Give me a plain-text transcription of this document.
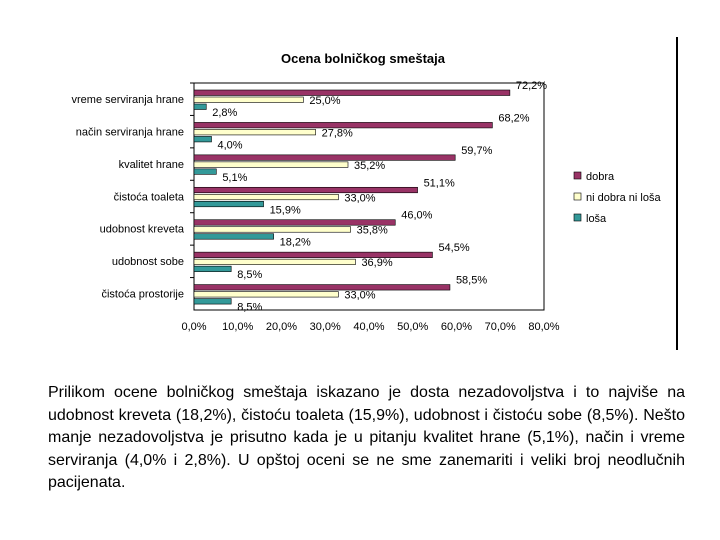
Ocena bolničkog smeštaja
vreme serviranja hrane
72,2%
25,0%
2,8%
način serviranja hrane
68,2%
27,8%
4,0%
kvalitet hrane
59,7%
35,2%
5,1%
čistoća toaleta
51,1%
33,0%
15,9%
udobnost kreveta
46,0%
35,8%
18,2%
udobnost sobe
54,5%
36,9%
8,5%
čistoća prostorije
58,5%
33,0%
8,5%
0,0% 10,0% 20,0% 30,0% 40,0% 50,0% 60,0% 70,0% 80,0%
dobra
ni dobra ni loša
loša
Prilikom ocene bolničkog smeštaja iskazano je dosta nezadovoljstva i to najviše na udobnost kreveta (18,2%), čistoću toaleta (15,9%), udobnost i čistoću sobe (8,5%). Nešto manje nezadovoljstva je prisutno kada je u pitanju kvalitet hrane (5,1%), način i vreme serviranja (4,0% i 2,8%). U opštoj oceni se ne sme zanemariti i veliki broj neodlučnih pacijenata.
